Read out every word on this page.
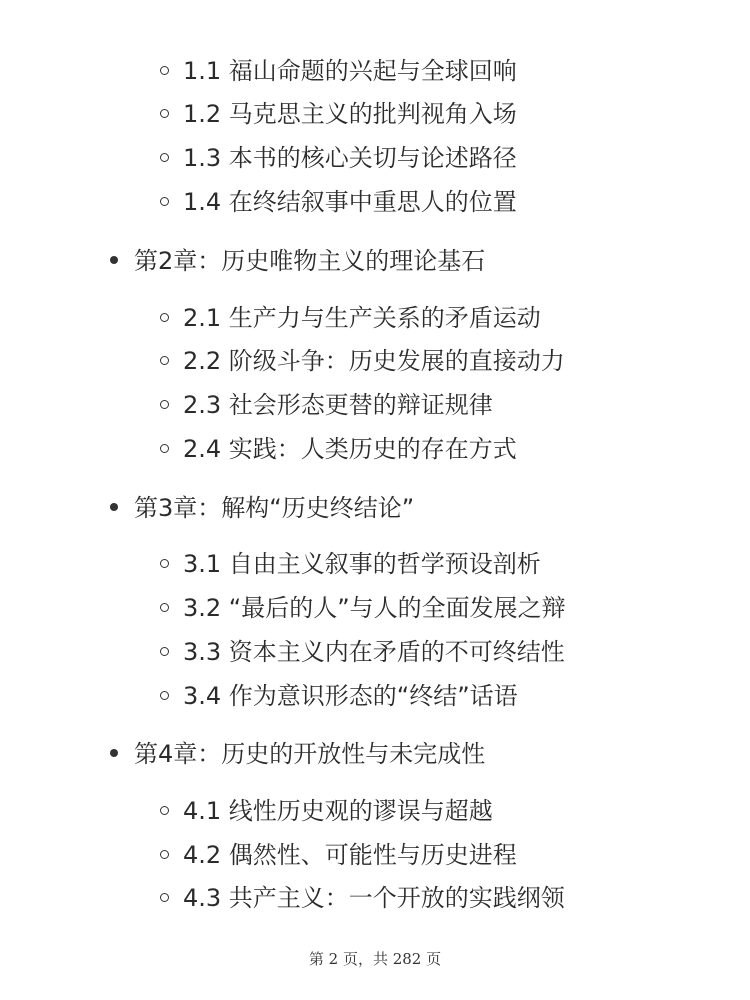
1.1 福山命题的兴起与全球回响
1.2 马克思主义的批判视角入场
1.3 本书的核心关切与论述路径
1.4 在终结叙事中重思人的位置
第2章：历史唯物主义的理论基石
2.1 生产力与生产关系的矛盾运动
2.2 阶级斗争：历史发展的直接动力
2.3 社会形态更替的辩证规律
2.4 实践：人类历史的存在方式
第3章：解构“历史终结论”
3.1 自由主义叙事的哲学预设剖析
3.2 “最后的人”与人的全面发展之辩
3.3 资本主义内在矛盾的不可终结性
3.4 作为意识形态的“终结”话语
第4章：历史的开放性与未完成性
4.1 线性历史观的谬误与超越
4.2 偶然性、可能性与历史进程
4.3 共产主义：一个开放的实践纲领
第 2 页，共 282 页
